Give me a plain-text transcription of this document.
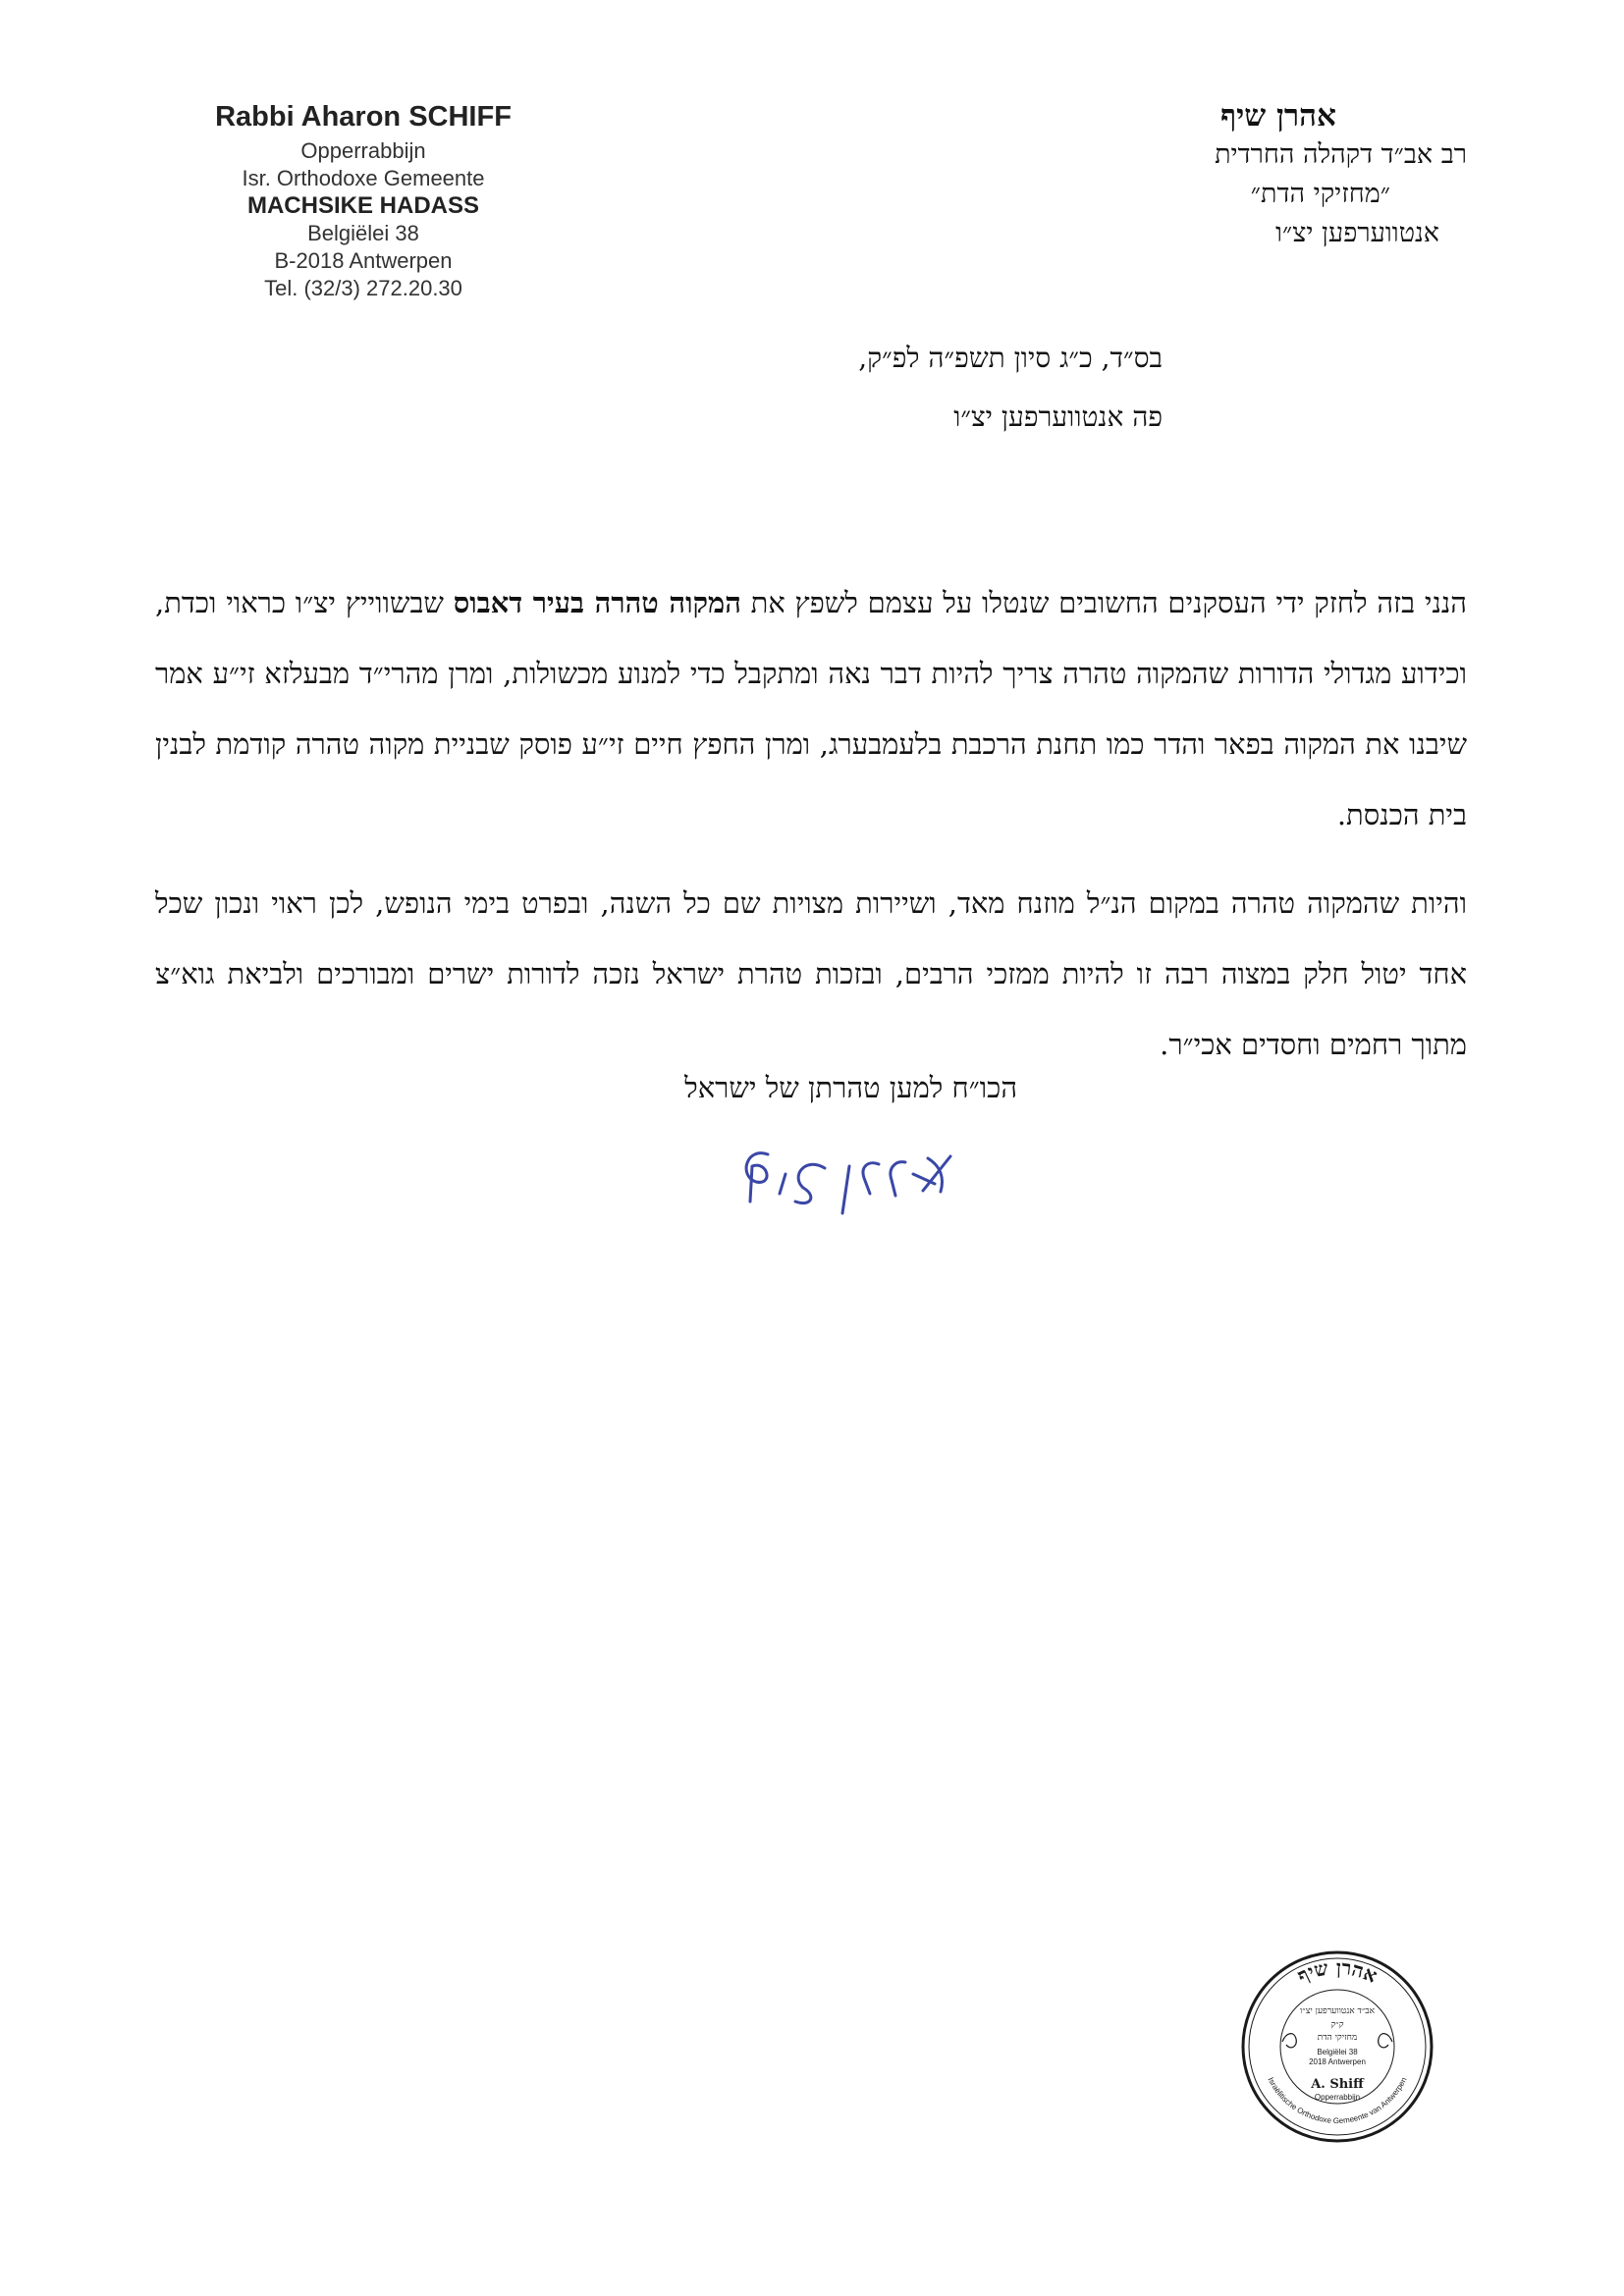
Rabbi Aharon SCHIFF
Opperrabbijn
Isr. Orthodoxe Gemeente
MACHSIKE HADASS
Belgiëlei 38
B-2018 Antwerpen
Tel. (32/3) 272.20.30
אהרן שיף
רב אב״ד דקהלה החרדית
״מחזיקי הדת״
אנטווערפען יצ״ו
בס״ד, כ״ג סיון תשפ״ה לפ״ק,
פה אנטווערפען יצ״ו

הנני בזה לחזק ידי העסקנים החשובים שנטלו על עצמם לשפץ את המקוה טהרה בעיר דאבוס שבשווייץ יצ״ו כראוי וכדת, וכידוע מגדולי הדורות שהמקוה טהרה צריך להיות דבר נאה ומתקבל כדי למנוע מכשולות, ומרן מהרי״ד מבעלזא זי״ע אמר שיבנו את המקוה בפאר והדר כמו תחנת הרכבת בלעמבערג, ומרן החפץ חיים זי״ע פוסק שבניית מקוה טהרה קודמת לבנין בית הכנסת.

והיות שהמקוה טהרה במקום הנ״ל מוזנח מאד, ושיירות מצויות שם כל השנה, ובפרט בימי הנופש, לכן ראוי ונכון שכל אחד יטול חלק במצוה רבה זו להיות ממזכי הרבים, ובזכות טהרת ישראל נזכה לדורות ישרים ומבורכים ולביאת גוא״צ מתוך רחמים וחסדים אכי״ר.

הכו״ח למען טהרתן של ישראל
אהרן שיף
Israëlitische Orthodoxe Gemeente van Antwerpen
אב״ד אנטווערפען יצ״ו
ק״ק
מחזיקי הדת
Belgiëlei 38
2018 Antwerpen
A. Shiff
Opperrabbijn
